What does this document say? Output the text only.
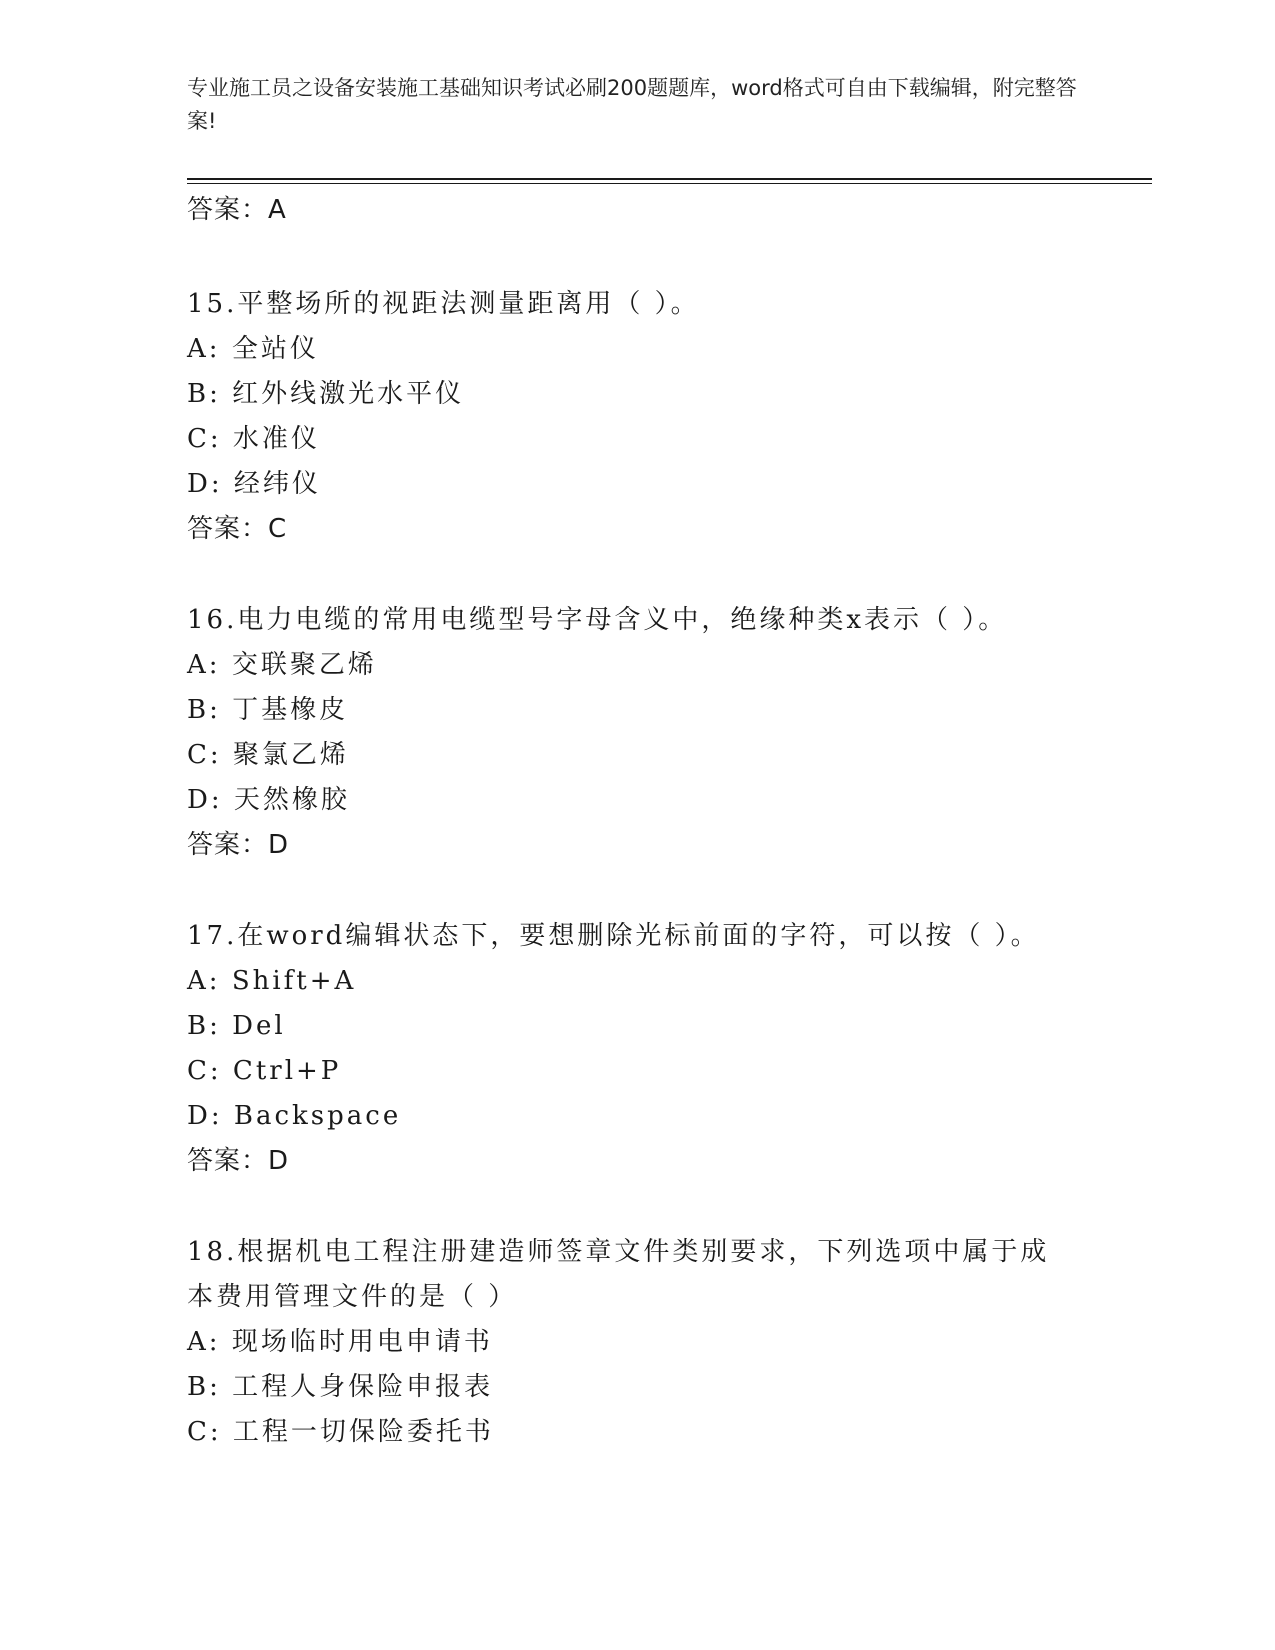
专业施工员之设备安装施工基础知识考试必刷200题题库，word格式可自由下载编辑，附完整答案!
答案：A
15.平整场所的视距法测量距离用（ ）。
A:
全站仪
B:
红外线激光水平仪
C:
水准仪
D:
经纬仪
答案：C
16.电力电缆的常用电缆型号字母含义中，绝缘种类x表示（ ）。
A:
交联聚乙烯
B:
丁基橡皮
C:
聚氯乙烯
D:
天然橡胶
答案：D
17.在word编辑状态下，要想删除光标前面的字符，可以按（ ）。
A:
Shift+A
B:
Del
C:
Ctrl+P
D:
Backspace
答案：D
18.根据机电工程注册建造师签章文件类别要求，下列选项中属于成本费用管理文件的是（ ）
A:
现场临时用电申请书
B:
工程人身保险申报表
C:
工程一切保险委托书
